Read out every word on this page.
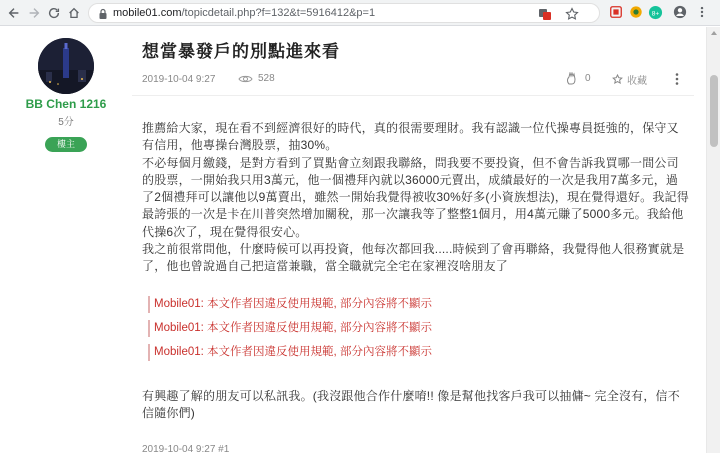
mobile01.com/topicdetail.php?f=132&t=5916412&p=1	8+
BB Chen 1216
5分
樓主
想當暴發戶的別點進來看
2019-10-04 9:27	528	0	收藏

推薦給大家，現在看不到經濟很好的時代，真的很需要理財。我有認識一位代操專員挺強的，保守又有信用，他專操台灣股票，抽30%。

不必每個月繳錢，是對方看到了買點會立刻跟我聯絡，問我要不要投資，但不會告訴我買哪一間公司的股票，一開始我只用3萬元，他一個禮拜內就以36000元賣出，成績最好的一次是我用7萬多元，過了2個禮拜可以讓他以9萬賣出，雖然一開始我覺得被收30%好多(小資族想法)，現在覺得還好。我記得最誇張的一次是卡在川普突然增加關稅，那一次讓我等了整整1個月，用4萬元賺了5000多元。我給他代操6次了，現在覺得很安心。

我之前很常問他，什麼時候可以再投資，他每次都回我.....時候到了會再聯絡，我覺得他人很務實就是了，他也曾說過自己把這當兼職，當全職就完全宅在家裡沒啥朋友了

Mobile01: 本文作者因違反使用規範, 部分內容將不顯示
Mobile01: 本文作者因違反使用規範, 部分內容將不顯示
Mobile01: 本文作者因違反使用規範, 部分內容將不顯示
有興趣了解的朋友可以私訊我。(我沒跟他合作什麼唷!! 像是幫他找客戶我可以抽傭~ 完全沒有，信不信隨你們)
2019-10-04 9:27 #1
